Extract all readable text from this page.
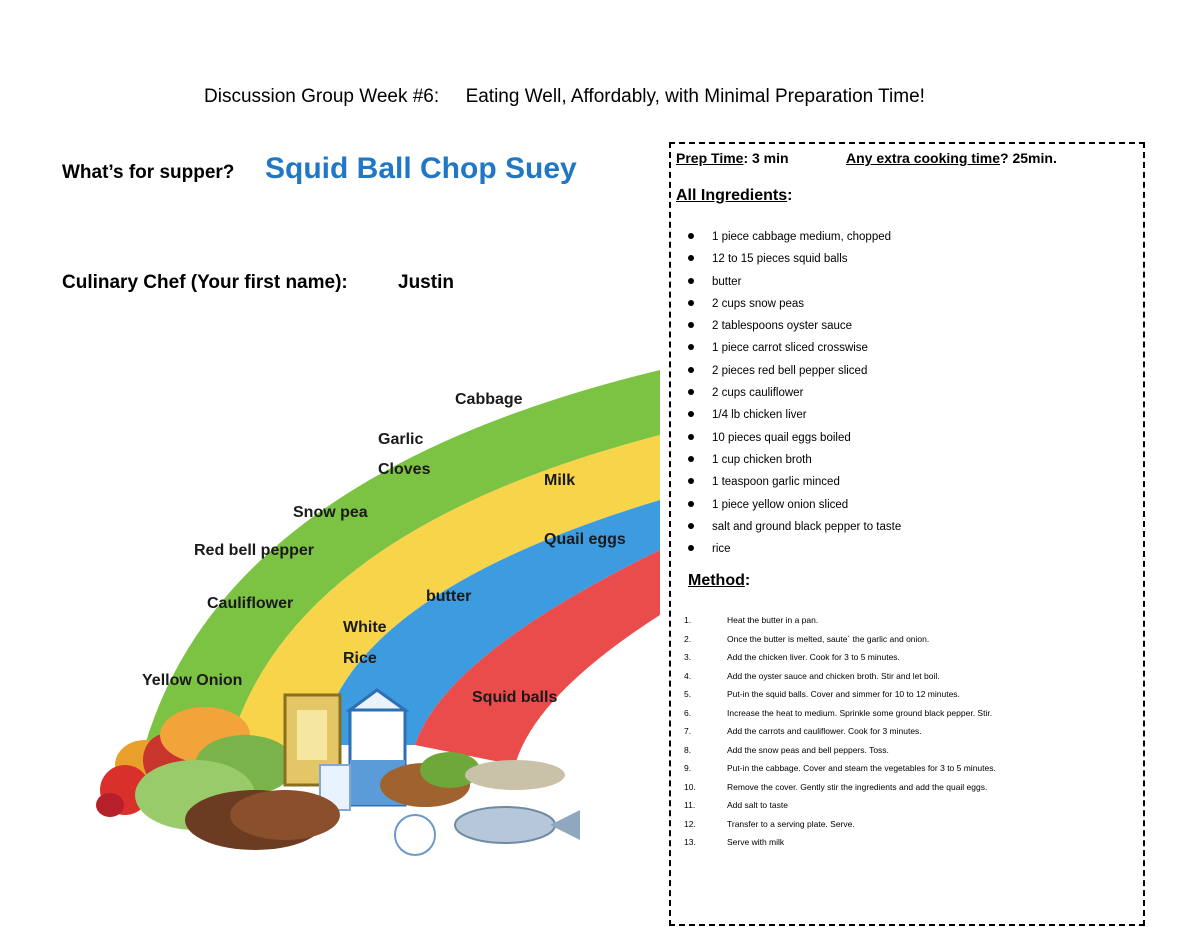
Discussion Group Week #6: Eating Well, Affordably, with Minimal Preparation Time!
What’s for supper? Squid Ball Chop Suey
Culinary Chef (Your first name):	Justin
Cabbage
Garlic
Cloves
Milk
Snow pea
Quail eggs
Red bell pepper
butter
Cauliflower
White
Rice
Yellow Onion
Squid balls
Prep Time: 3 min	Any extra cooking time? 25min.
All Ingredients:
1 piece cabbage medium, chopped
12 to 15 pieces squid balls
butter
2 cups snow peas
2 tablespoons oyster sauce
1 piece carrot sliced crosswise
2 pieces red bell pepper sliced
2 cups cauliflower
1/4 lb chicken liver
10 pieces quail eggs boiled
1 cup chicken broth
1 teaspoon garlic minced
1 piece yellow onion sliced
salt and ground black pepper to taste
rice
Method:
1.	Heat the butter in a pan.
2.	Once the butter is melted, saute´ the garlic and onion.
3.	Add the chicken liver. Cook for 3 to 5 minutes.
4.	Add the oyster sauce and chicken broth. Stir and let boil.
5.	Put-in the squid balls. Cover and simmer for 10 to 12 minutes.
6.	Increase the heat to medium. Sprinkle some ground black pepper. Stir.
7.	Add the carrots and cauliflower. Cook for 3 minutes.
8.	Add the snow peas and bell peppers. Toss.
9.	Put-in the cabbage. Cover and steam the vegetables for 3 to 5 minutes.
10.	Remove the cover. Gently stir the ingredients and add the quail eggs.
11.	Add salt to taste
12.	Transfer to a serving plate. Serve.
13.	Serve with milk
